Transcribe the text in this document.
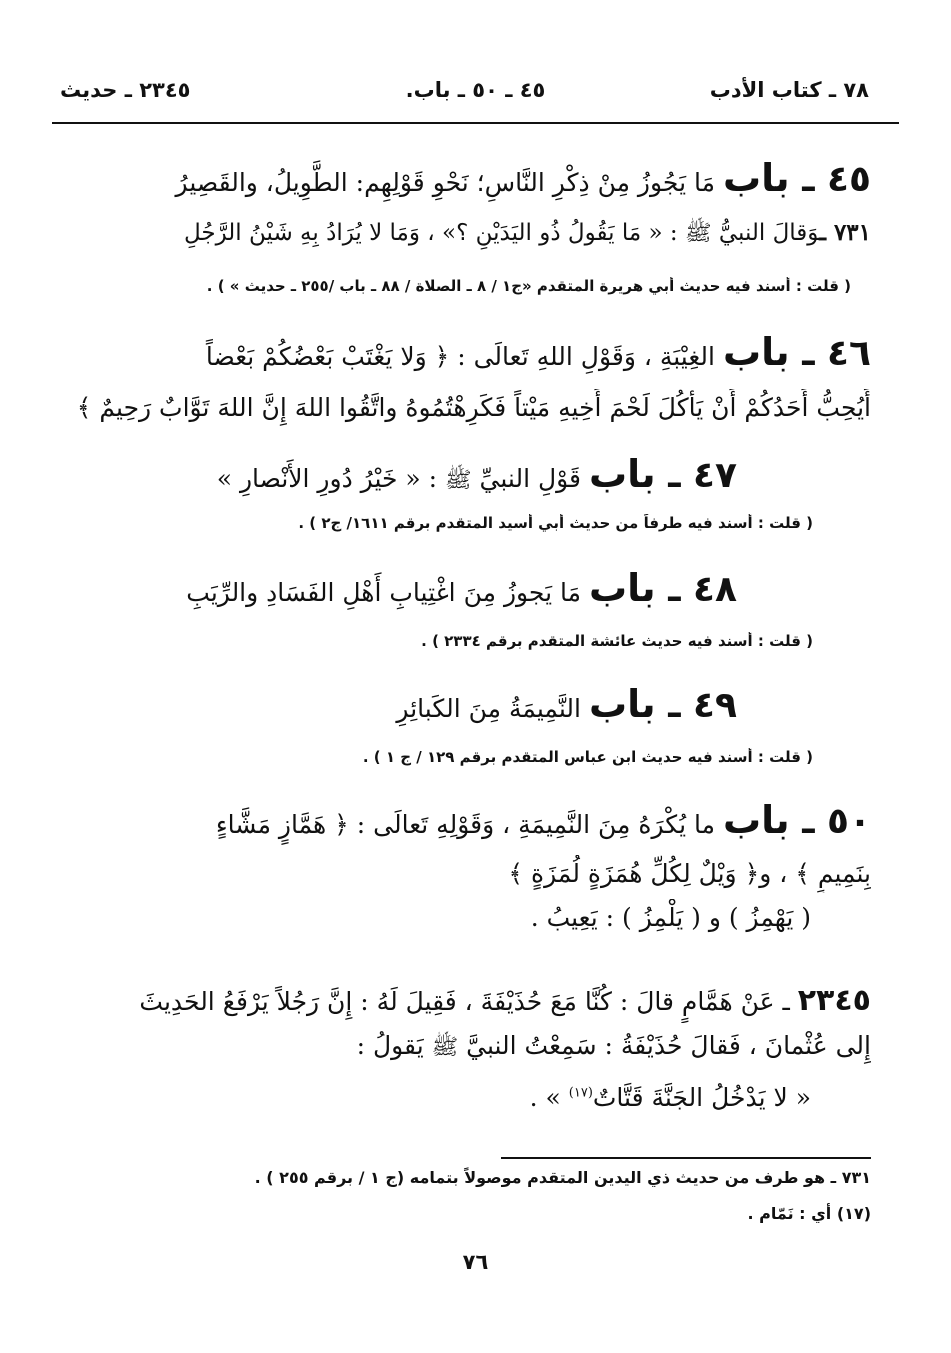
٧٨ ـ كتاب الأدب
٤٥ ـ ٥٠ ـ باب.
٢٣٤٥ ـ حديث
٤٥ ـ باب مَا يَجُوزُ مِنْ ذِكْرِ النَّاسِ؛ نَحْوِ قَوْلِهِم: الطَّوِيلُ، والقَصِيرُ
٧٣١ ـوَقالَ النبيُّ ﷺ : « مَا يَقُولُ ذُو اليَدَيْنِ ؟» ، وَمَا لا يُرَادُ بِهِ شَيْنُ الرَّجُلِ
( قلت : أسند فيه حديث أبي هريرة المتقدم «ج١ / ٨ ـ الصلاة / ٨٨ ـ باب /٢٥٥ ـ حديث » ) .
٤٦ ـ باب الغِيْبَةِ ، وَقَوْلِ اللهِ تَعالَى : ﴿ وَلا يَغْتَبْ بَعْضُكُمْ بَعْضاً
أَيُحِبُّ أَحَدُكُمْ أَنْ يَأْكُلَ لَحْمَ أَخِيهِ مَيْتاً فَكَرِهْتُمُوهُ واتَّقُوا اللهَ إِنَّ اللهَ تَوَّابٌ رَحِيمٌ ﴾
٤٧ ـ باب قَوْلِ النبيِّ ﷺ : « خَيْرُ دُورِ الأَنْصارِ »
( قلت : أسند فيه طرفاً من حديث أبي أسيد المتقدم برقم ١٦١١/ ج٢ ) .
٤٨ ـ باب مَا يَجوزُ مِنَ اغْتِيابِ أَهْلِ الفَسَادِ والرِّيَبِ
( قلت : أسند فيه حديث عائشة المتقدم برقم ٢٣٣٤ ) .
٤٩ ـ باب النَّمِيمَةُ مِنَ الكَبائِرِ
( قلت : أسند فيه حديث ابن عباس المتقدم برقم ١٢٩ / ج ١ ) .
٥٠ ـ باب ما يُكْرَهُ مِنَ النَّمِيمَةِ ، وَقَوْلِهِ تَعالَى : ﴿ هَمَّازٍ مَشَّاءٍ
بِنَمِيمٍ ﴾ ، و﴿ وَيْلٌ لِكُلِّ هُمَزَةٍ لُمَزَةٍ ﴾
( يَهْمِزُ ) و ( يَلْمِزُ ) : يَعِيبُ .
٢٣٤٥ ـ عَنْ هَمَّامٍ قالَ : كُنَّا مَعَ حُذَيْفَةَ ، فَقِيلَ لَهُ : إِنَّ رَجُلاً يَرْفَعُ الحَدِيثَ
إِلى عُثْمانَ ، فَقالَ حُذَيْفَةُ : سَمِعْتُ النبيَّ ﷺ يَقولُ :
« لا يَدْخُلُ الجَنَّةَ قَتَّاتٌ$^{(١٧)}$ » .
٧٣١ ـ هو طرف من حديث ذي اليدين المتقدم موصولاً بتمامه (ج ١ / برقم ٢٥٥ ) .
(١٧) أي : نَمّام .
٧٦
